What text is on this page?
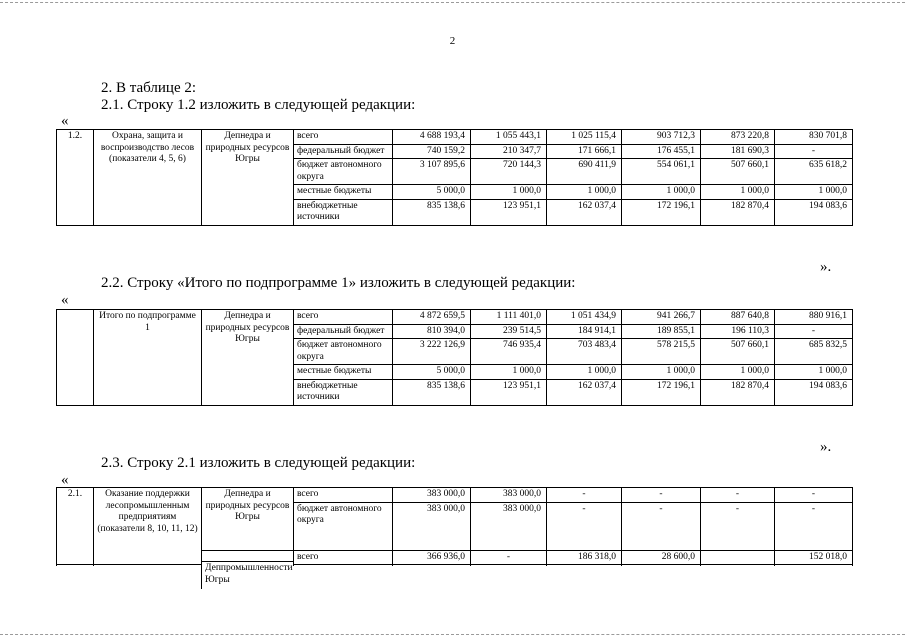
2
2. В таблице 2:
2.1. Строку 1.2 изложить в следующей редакции:
«
1.2.	Охрана, защита и воспроизводство лесов (показатели 4, 5, 6)	Депнедра и природных ресурсов Югры	всего	4 688 193,4	1 055 443,1	1 025 115,4	903 712,3	873 220,8	830 701,8
			федеральный бюджет	740 159,2	210 347,7	171 666,1	176 455,1	181 690,3	-
			бюджет автономного округа	3 107 895,6	720 144,3	690 411,9	554 061,1	507 660,1	635 618,2
			местные бюджеты	5 000,0	1 000,0	1 000,0	1 000,0	1 000,0	1 000,0
			внебюджетные источники	835 138,6	123 951,1	162 037,4	172 196,1	182 870,4	194 083,6
».
2.2. Строку «Итого по подпрограмме 1» изложить в следующей редакции:
«
	Итого по подпрограмме 1	Депнедра и природных ресурсов Югры	всего	4 872 659,5	1 111 401,0	1 051 434,9	941 266,7	887 640,8	880 916,1
			федеральный бюджет	810 394,0	239 514,5	184 914,1	189 855,1	196 110,3	-
			бюджет автономного округа	3 222 126,9	746 935,4	703 483,4	578 215,5	507 660,1	685 832,5
			местные бюджеты	5 000,0	1 000,0	1 000,0	1 000,0	1 000,0	1 000,0
			внебюджетные источники	835 138,6	123 951,1	162 037,4	172 196,1	182 870,4	194 083,6
».
2.3. Строку 2.1 изложить в следующей редакции:
«
2.1.	Оказание поддержки лесопромышленным предприятиям (показатели 8, 10, 11, 12)	Депнедра и природных ресурсов Югры	всего	383 000,0	383 000,0	-	-	-	-
			бюджет автономного округа	383 000,0	383 000,0	-	-	-	-
			всего	366 936,0	-	186 318,0	28 600,0		152 018,0

Деппромышленности Югры
